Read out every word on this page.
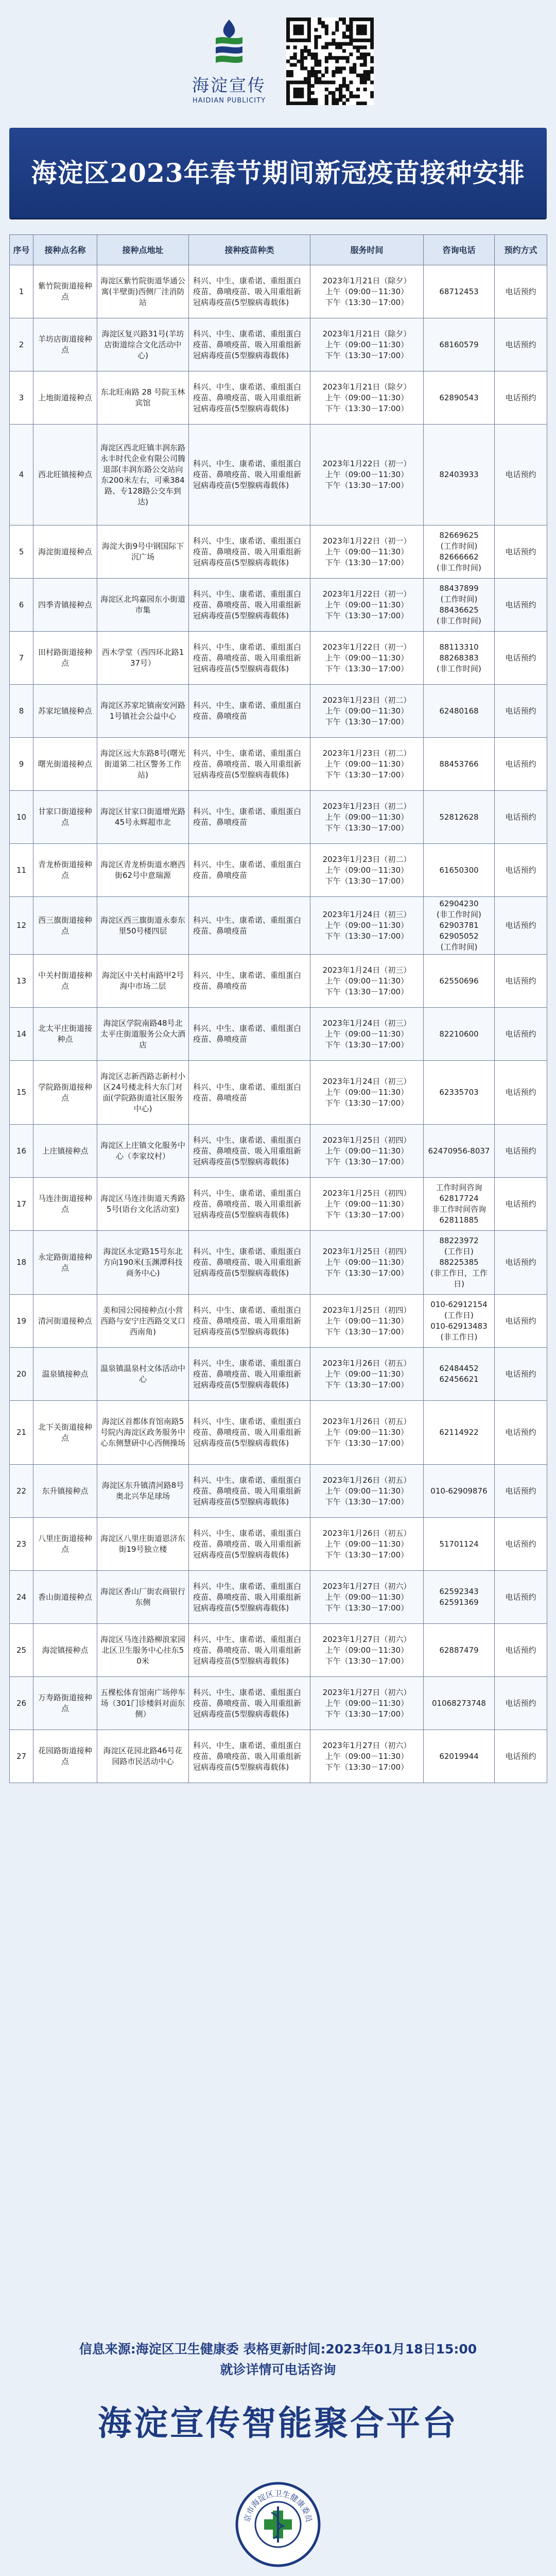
海淀宣传
HAIDIAN PUBLICITY
海淀区2023年春节期间新冠疫苗接种安排
序号	接种点名称	接种点地址	接种疫苗种类	服务时间	咨询电话	预约方式
1	紫竹院街道接种点	海淀区紫竹院街道华通公寓(半壁街)西侧厂洼消防站	科兴、中生、康希诺、重组蛋白疫苗、鼻喷疫苗、吸入用重组新冠病毒疫苗(5型腺病毒载体)	2023年1月21日（除夕）
上午（09:00－11:30）
下午（13:30－17:00）	68712453	电话预约
2	羊坊店街道接种点	海淀区复兴路31号(羊坊店街道综合文化活动中心)	科兴、中生、康希诺、重组蛋白疫苗、鼻喷疫苗、吸入用重组新冠病毒疫苗(5型腺病毒载体)	2023年1月21日（除夕）
上午（09:00－11:30）
下午（13:30－17:00）	68160579	电话预约
3	上地街道接种点	东北旺南路 28 号院玉林宾馆	科兴、中生、康希诺、重组蛋白疫苗、鼻喷疫苗、吸入用重组新冠病毒疫苗(5型腺病毒载体)	2023年1月21日（除夕）
上午（09:00－11:30）
下午（13:30－17:00）	62890543	电话预约
4	西北旺镇接种点	海淀区西北旺镇丰润东路永丰时代企业有限公司腾退部(丰润东路公交站向东200米左右，可乘384路、专128路公交车到达)	科兴、中生、康希诺、重组蛋白疫苗、鼻喷疫苗、吸入用重组新冠病毒疫苗(5型腺病毒载体)	2023年1月22日（初一）
上午（09:00－11:30）
下午（13:30－17:00）	82403933	电话预约
5	海淀街道接种点	海淀大街9号中钢国际下沉广场	科兴、中生、康希诺、重组蛋白疫苗、鼻喷疫苗、吸入用重组新冠病毒疫苗(5型腺病毒载体)	2023年1月22日（初一）
上午（09:00－11:30）
下午（13:30－17:00）	82669625
(工作时间)
82666662
(非工作时间)	电话预约
6	四季青镇接种点	海淀区北坞嘉园东小街道市集	科兴、中生、康希诺、重组蛋白疫苗、鼻喷疫苗、吸入用重组新冠病毒疫苗(5型腺病毒载体)	2023年1月22日（初一）
上午（09:00－11:30）
下午（13:30－17:00）	88437899
(工作时间)
88436625
(非工作时间)	电话预约
7	田村路街道接种点	西木学堂（西四环北路137号）	科兴、中生、康希诺、重组蛋白疫苗、鼻喷疫苗、吸入用重组新冠病毒疫苗(5型腺病毒载体)	2023年1月22日（初一）
上午（09:00－11:30）
下午（13:30－17:00）	88113310
88268383
(非工作时间)	电话预约
8	苏家坨镇接种点	海淀区苏家坨镇南安河路1号镇社会公益中心	科兴、中生、康希诺、重组蛋白疫苗、鼻喷疫苗	2023年1月23日（初二）
上午（09:00－11:30）
下午（13:30－17:00）	62480168	电话预约
9	曙光街道接种点	海淀区远大东路8号(曙光街道第二社区警务工作站)	科兴、中生、康希诺、重组蛋白疫苗、鼻喷疫苗、吸入用重组新冠病毒疫苗(5型腺病毒载体)	2023年1月23日（初二）
上午（09:00－11:30）
下午（13:30－17:00）	88453766	电话预约
10	甘家口街道接种点	海淀区甘家口街道增光路45号永辉超市北	科兴、中生、康希诺、重组蛋白疫苗、鼻喷疫苗	2023年1月23日（初二）
上午（09:00－11:30）
下午（13:30－17:00）	52812628	电话预约
11	青龙桥街道接种点	海淀区青龙桥街道水磨西街62号中意瑞源	科兴、中生、康希诺、重组蛋白疫苗、鼻喷疫苗	2023年1月23日（初二）
上午（09:00－11:30）
下午（13:30－17:00）	61650300	电话预约
12	西三旗街道接种点	海淀区西三旗街道永泰东里50号楼四层	科兴、中生、康希诺、重组蛋白疫苗、鼻喷疫苗	2023年1月24日（初三）
上午（09:00－11:30）
下午（13:30－17:00）	62904230
(非工作时间)
62903781
62905052
(工作时间)	电话预约
13	中关村街道接种点	海淀区中关村南路甲2号海中市场二层	科兴、中生、康希诺、重组蛋白疫苗、鼻喷疫苗	2023年1月24日（初三）
上午（09:00－11:30）
下午（13:30－17:00）	62550696	电话预约
14	北太平庄街道接种点	海淀区学院南路48号北太平庄街道服务公众大酒店	科兴、中生、康希诺、重组蛋白疫苗、鼻喷疫苗	2023年1月24日（初三）
上午（09:00－11:30）
下午（13:30－17:00）	82210600	电话预约
15	学院路街道接种点	海淀区志新西路志新村小区24号楼北科大东门对面(学院路街道社区服务中心)	科兴、中生、康希诺、重组蛋白疫苗、鼻喷疫苗	2023年1月24日（初三）
上午（09:00－11:30）
下午（13:30－17:00）	62335703	电话预约
16	上庄镇接种点	海淀区上庄镇文化服务中心（李家坟村）	科兴、中生、康希诺、重组蛋白疫苗、鼻喷疫苗、吸入用重组新冠病毒疫苗(5型腺病毒载体)	2023年1月25日（初四）
上午（09:00－11:30）
下午（13:30－17:00）	62470956-8037	电话预约
17	马连洼街道接种点	海淀区马连洼街道天秀路5号(语台文化活动室)	科兴、中生、康希诺、重组蛋白疫苗、鼻喷疫苗、吸入用重组新冠病毒疫苗(5型腺病毒载体)	2023年1月25日（初四）
上午（09:00－11:30）
下午（13:30－17:00）	工作时间咨询
62817724
非工作时间咨询
62811885	电话预约
18	永定路街道接种点	海淀区永定路15号东北方向190米(玉渊潭科技商务中心)	科兴、中生、康希诺、重组蛋白疫苗、鼻喷疫苗、吸入用重组新冠病毒疫苗(5型腺病毒载体)	2023年1月25日（初四）
上午（09:00－11:30）
下午（13:30－17:00）	88223972
(工作日)
88225385
(非工作日，工作日)	电话预约
19	清河街道接种点	美和园公园接种点(小营西路与安宁庄西路交叉口西南角)	科兴、中生、康希诺、重组蛋白疫苗、鼻喷疫苗、吸入用重组新冠病毒疫苗(5型腺病毒载体)	2023年1月25日（初四）
上午（09:00－11:30）
下午（13:30－17:00）	010-62912154
(工作日)
010-62913483
(非工作日)	电话预约
20	温泉镇接种点	温泉镇温泉村文体活动中心	科兴、中生、康希诺、重组蛋白疫苗、鼻喷疫苗、吸入用重组新冠病毒疫苗(5型腺病毒载体)	2023年1月26日（初五）
上午（09:00－11:30）
下午（13:30－17:00）	62484452
62456621	电话预约
21	北下关街道接种点	海淀区首都体育馆南路5号院内海淀区政务服务中心东侧慧研中心西侧操场	科兴、中生、康希诺、重组蛋白疫苗、鼻喷疫苗、吸入用重组新冠病毒疫苗(5型腺病毒载体)	2023年1月26日（初五）
上午（09:00－11:30）
下午（13:30－17:00）	62114922	电话预约
22	东升镇接种点	海淀区东升镇清河路8号奥北兴华足球场	科兴、中生、康希诺、重组蛋白疫苗、鼻喷疫苗、吸入用重组新冠病毒疫苗(5型腺病毒载体)	2023年1月26日（初五）
上午（09:00－11:30）
下午（13:30－17:00）	010-62909876	电话预约
23	八里庄街道接种点	海淀区八里庄街道恩济东街19号独立楼	科兴、中生、康希诺、重组蛋白疫苗、鼻喷疫苗、吸入用重组新冠病毒疫苗(5型腺病毒载体)	2023年1月26日（初五）
上午（09:00－11:30）
下午（13:30－17:00）	51701124	电话预约
24	香山街道接种点	海淀区香山厂街农商银行东侧	科兴、中生、康希诺、重组蛋白疫苗、鼻喷疫苗、吸入用重组新冠病毒疫苗(5型腺病毒载体)	2023年1月27日（初六）
上午（09:00－11:30）
下午（13:30－17:00）	62592343
62591369	电话预约
25	海淀镇接种点	海淀区马连洼路柳浪家园北区卫生服务中心往东50米	科兴、中生、康希诺、重组蛋白疫苗、鼻喷疫苗、吸入用重组新冠病毒疫苗(5型腺病毒载体)	2023年1月27日（初六）
上午（09:00－11:30）
下午（13:30－17:00）	62887479	电话预约
26	万寿路街道接种点	五棵松体育馆南广场停车场（301门诊楼斜对面东侧）	科兴、中生、康希诺、重组蛋白疫苗、鼻喷疫苗、吸入用重组新冠病毒疫苗(5型腺病毒载体)	2023年1月27日（初六）
上午（09:00－11:30）
下午（13:30－17:00）	01068273748	电话预约
27	花园路街道接种点	海淀区花园北路46号花园路市民活动中心	科兴、中生、康希诺、重组蛋白疫苗、鼻喷疫苗、吸入用重组新冠病毒疫苗(5型腺病毒载体)	2023年1月27日（初六）
上午（09:00－11:30）
下午（13:30－17:00）	62019944	电话预约
信息来源:海淀区卫生健康委 表格更新时间:2023年01月18日15:00
就诊详情可电话咨询
海淀宣传智能聚合平台
京市海淀区卫生健康委员
